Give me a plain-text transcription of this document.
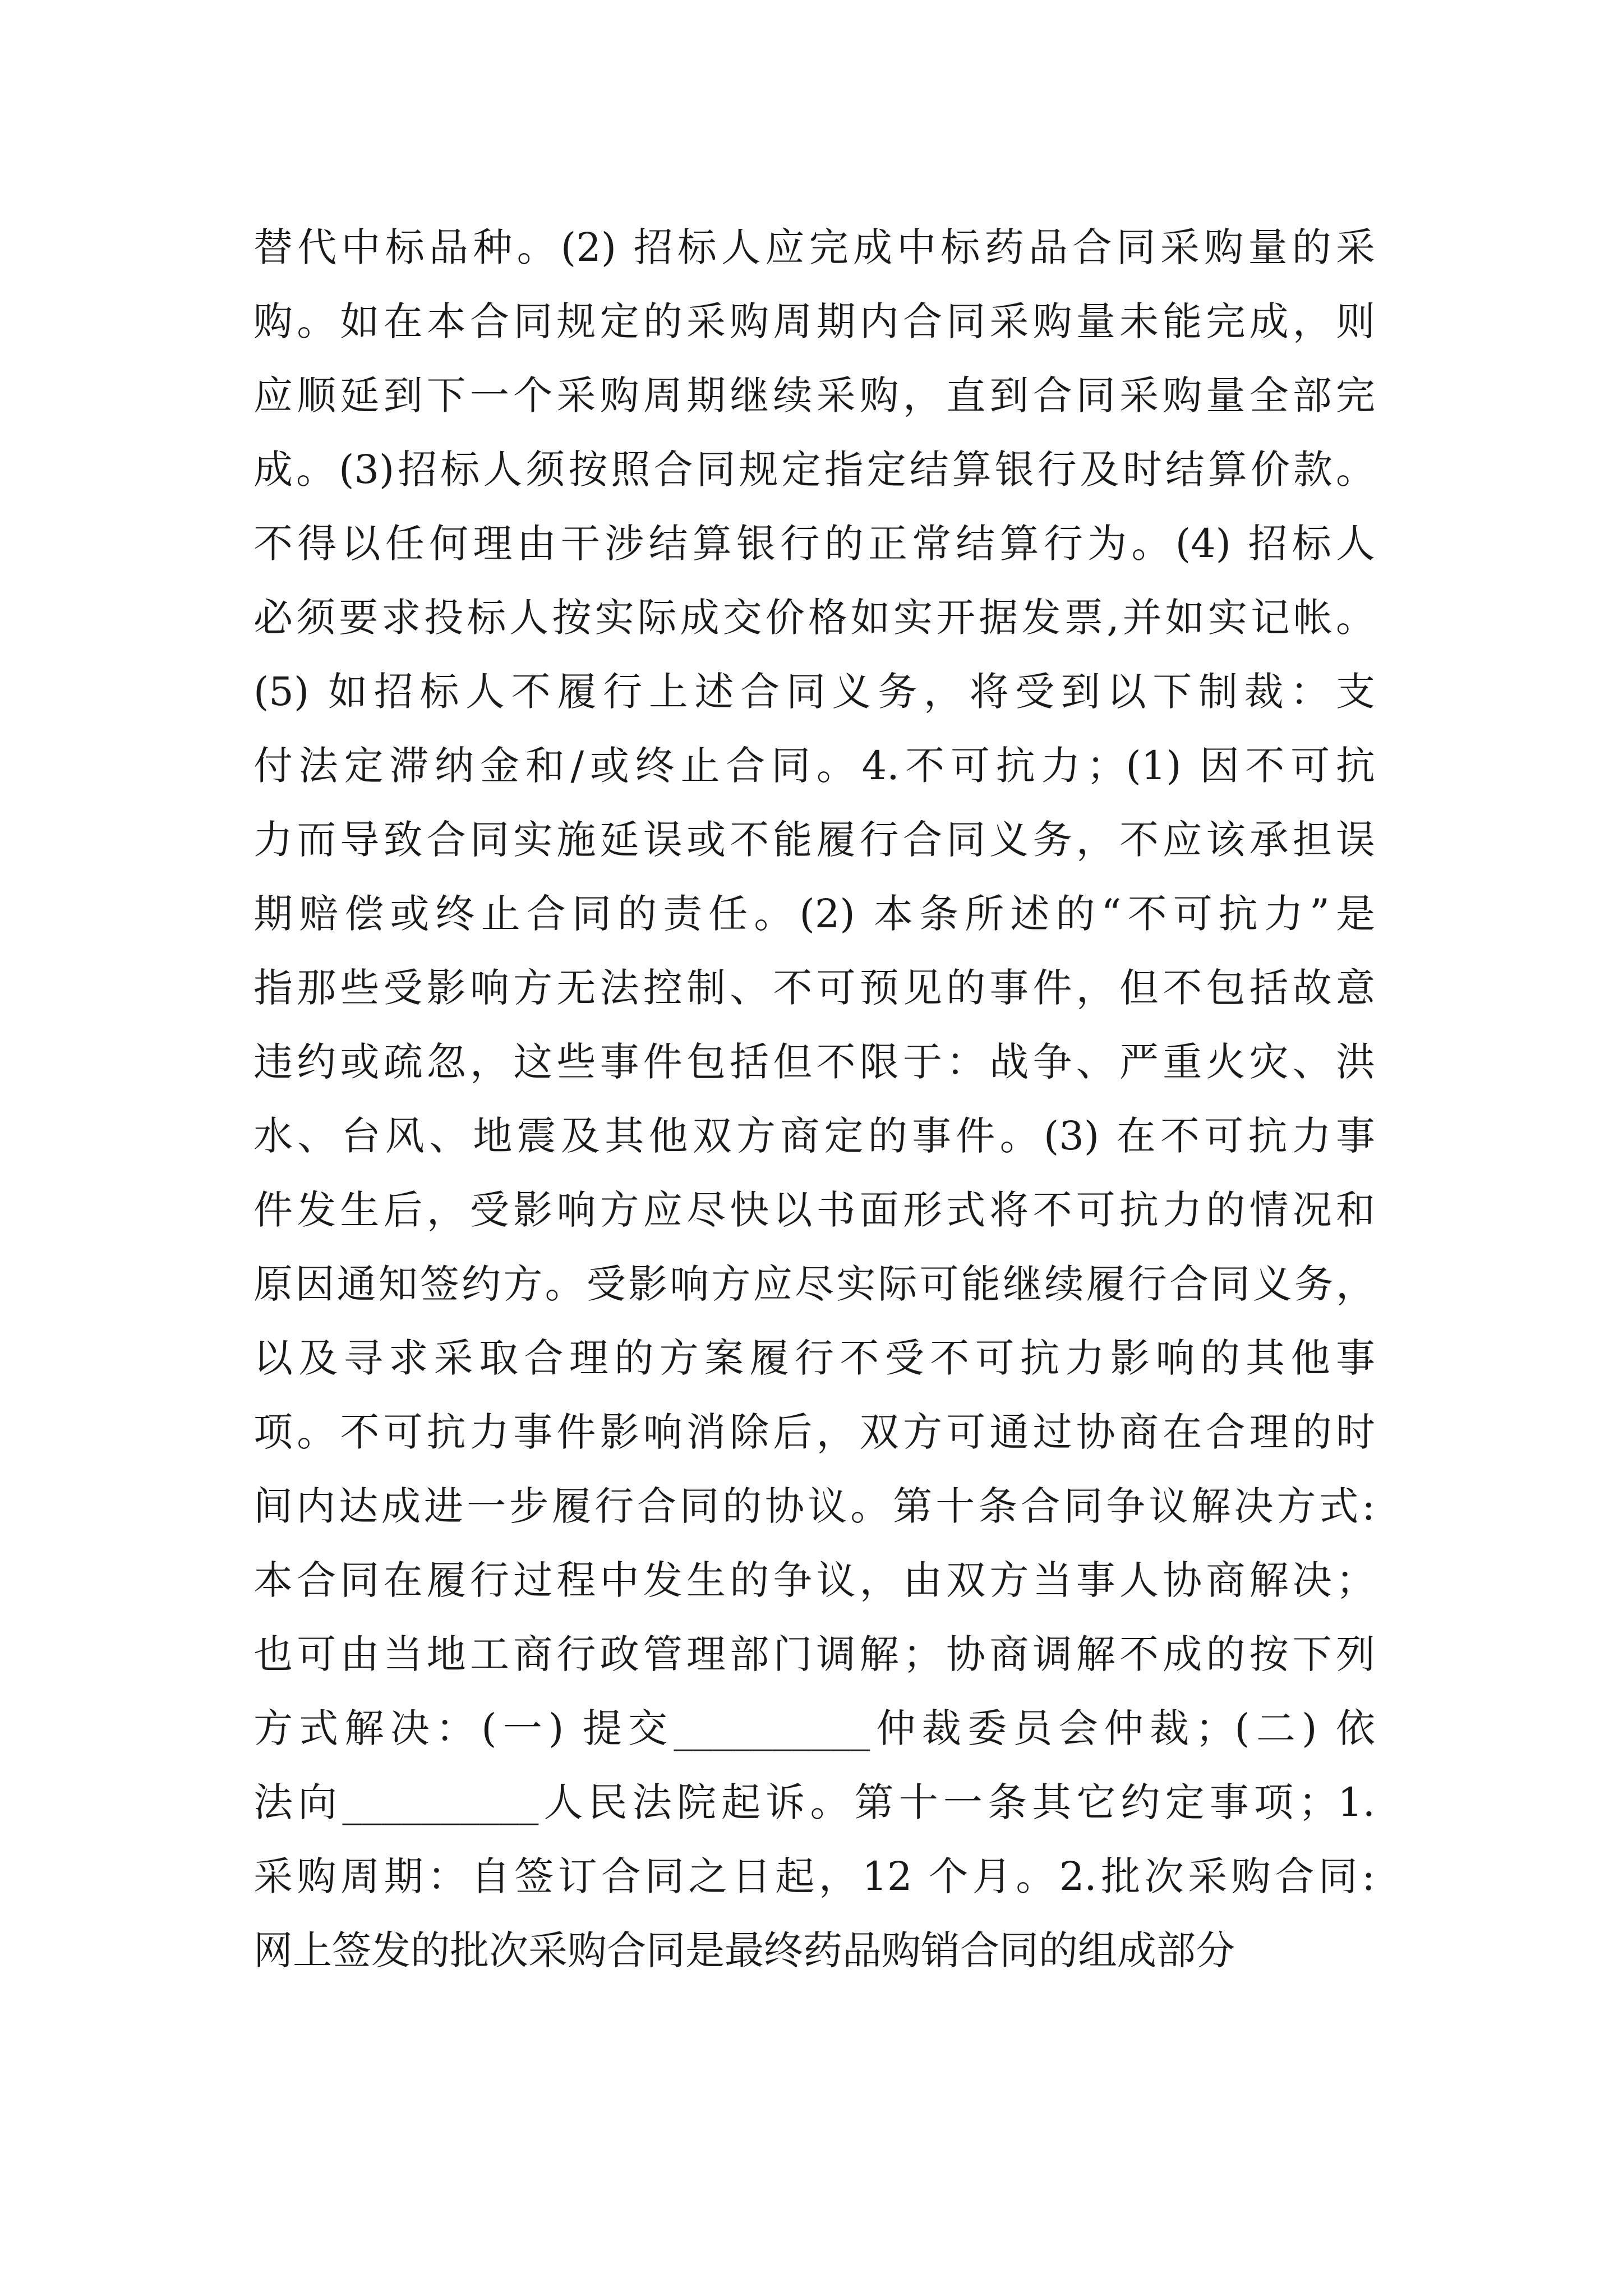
替代中标品种。(2) 招标人应完成中标药品合同采购量的采
购。如在本合同规定的采购周期内合同采购量未能完成，则
应顺延到下一个采购周期继续采购，直到合同采购量全部完
成。(3)招标人须按照合同规定指定结算银行及时结算价款。
不得以任何理由干涉结算银行的正常结算行为。(4) 招标人
必须要求投标人按实际成交价格如实开据发票,并如实记帐。
(5) 如招标人不履行上述合同义务，将受到以下制裁：支
付法定滞纳金和/或终止合同。4.不可抗力；(1) 因不可抗
力而导致合同实施延误或不能履行合同义务，不应该承担误
期赔偿或终止合同的责任。(2) 本条所述的“不可抗力”是
指那些受影响方无法控制、不可预见的事件，但不包括故意
违约或疏忽，这些事件包括但不限于：战争、严重火灾、洪
水、台风、地震及其他双方商定的事件。(3) 在不可抗力事
件发生后，受影响方应尽快以书面形式将不可抗力的情况和
原因通知签约方。受影响方应尽实际可能继续履行合同义务，
以及寻求采取合理的方案履行不受不可抗力影响的其他事
项。不可抗力事件影响消除后，双方可通过协商在合理的时
间内达成进一步履行合同的协议。第十条合同争议解决方式:
本合同在履行过程中发生的争议，由双方当事人协商解决；
也可由当地工商行政管理部门调解；协商调解不成的按下列
方式解决：(一) 提交__________仲裁委员会仲裁；(二) 依
法向__________人民法院起诉。第十一条其它约定事项；1.
采购周期：自签订合同之日起，12 个月。2.批次采购合同:
网上签发的批次采购合同是最终药品购销合同的组成部分
